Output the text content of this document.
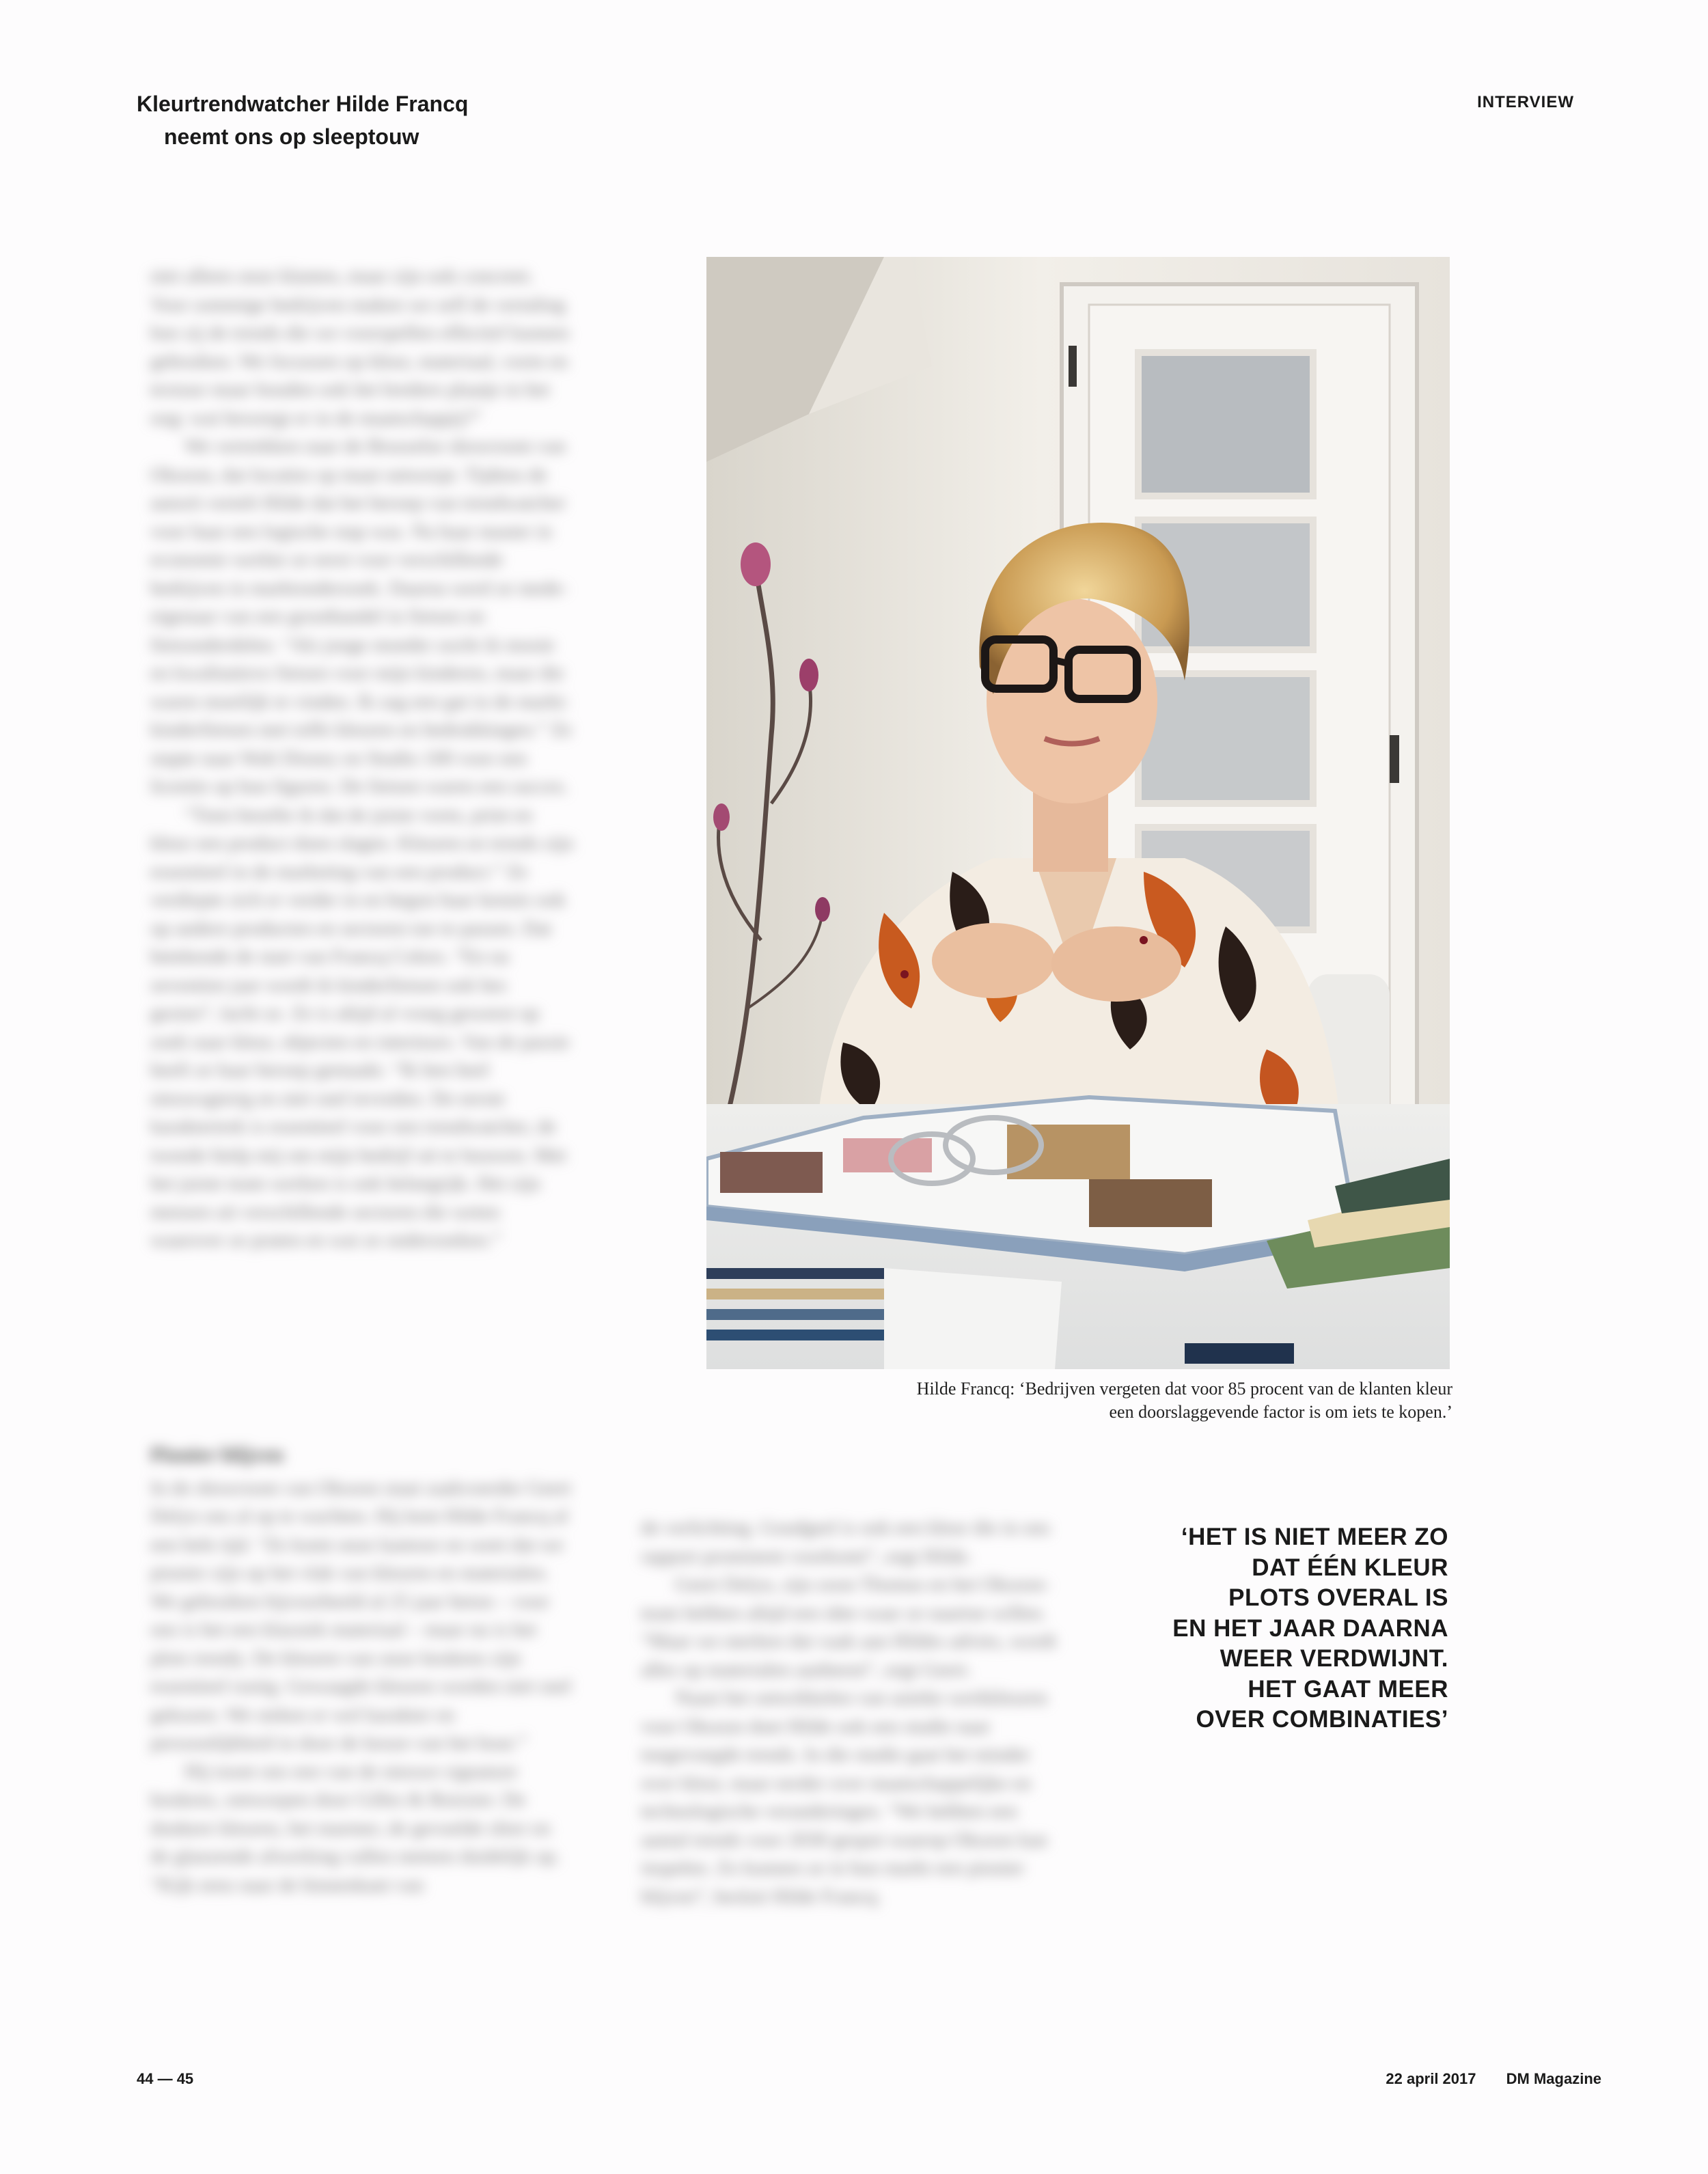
Kleurtrendwatcher Hilde Francq
neemt ons op sleeptouw
INTERVIEW

niet alleen onze klanten, maar zijn ook concreet. Voor sommige bedrijven maken we zelf de vertaling hoe zij de trends die we voorspellen effectief kunnen gebruiken. We focussen op kleur, materiaal, vorm en textuur maar houden ook het bredere plaatje in het oog: wat beweegt er in de maatschappij?”

We vertrekken naar de Brusselse showroom van Oksoon, dat locaties op maat ontwerpt. Tijdens de autorit vertelt Hilde dat het beroep van trendwatcher voor haar een logische stap was. Na haar master in economie werkte ze eerst voor verschillende bedrijven in marktonderzoek. Daarna werd ze mede-eigenaar van een groothandel in fietsen en fietsonderdelen. “Als jonge moeder zocht ik mooie en kwalitatieve fietsen voor mijn kinderen, maar die waren moeilijk te vinden. Ik zag een gat in de markt: kinderfietsen met toffe kleuren en bedrukkingen.” Ze stapte naar Walt Disney en Studio 100 voor een licentie op hun figuren. De fietsen waren een succes.

“Toen besefte ik dat de juiste vorm, print en kleur een product doen slagen. Kleuren en trends zijn essentieel in de marketing van een product.” Ze verdiepte zich er verder in en begon haar kennis ook op andere producten en sectoren toe te passen. Dat betekende de start van Francq Colors. “En na zeventien jaar wordt ik kinderfietsen ook bes gezien”, lacht ze. Ze is altijd al vroeg geweest op zoek naar kleur, objecten en interieurs. Van de passie heeft ze haar beroep gemaakt. “Ik ben heel nieuwsgierig en niet snel tevreden. De eerste karaktertrek is essentieel voor een trendwatcher, de tweede hielp mij om mijn bedrijf uit te bouwen. Met het juiste team werken is ook belangrijk. Het zijn mensen uit verschillende sectoren die weten waarover ze praten en wat ze onderzoeken.”

Pionier blijven

In de showroom van Oksoon staat zaakvoerder Geert Delyn ons al op te wachten. Hij kent Hilde Francq al een hele tijd. “Ze komt onze kantoor en weet dat we pionier zijn op het vlak van kleuren en materialen. We gebruiken bijvoorbeeld al 25 jaar beton – voor ons is het een klassiek materiaal – maar nu is het plots trendy. De kleuren van onze keukens zijn essentieel rustig. Gewaagde kleuren worden niet snel gekozen. We steken er wel karakter en persoonlijkheid in door de keuze van het hout.”

Hij toont ons een van de nieuwe signature keukens, ontworpen door Gilles & Boissier. De donkere kleuren, het marmer, de gevoelde sfeer en de glanzende afwerking vallen meteen duidelijk op. “Kijk eens naar de binnenkant van

de verlichting. Goudgeel is ook een kleur die in ons rapport prominent voorkomt”, zegt Hilde.

Geert Delyn, zijn zoon Thomas en het Oksoon-team hebben altijd een idee waar ze naartoe willen. “Maar we merken dat vaak aan Hildes advies, wordt alles op materialen aanbeent”, zegt Geert.

Naast het ontwikkelen van unieke werkkleuren voor Oksoon doet Hilde ook een studie naar toegevoegde trends. In die studie gaat het minder over kleur, maar eerder over maatschappelijke en technologische veranderingen. “We hebben een aantal trends voor 2030 gespot waarop Oksoon kan inspelen. Zo kunnen ze in hun markt een pionier blijven”, besluit Hilde Francq.

Hilde Francq: ‘Bedrijven vergeten dat voor 85 procent van de klanten kleur
een doorslaggevende factor is om iets te kopen.’
‘HET IS NIET MEER ZO
DAT ÉÉN KLEUR
PLOTS OVERAL IS
EN HET JAAR DAARNA
WEER VERDWIJNT.
HET GAAT MEER
OVER COMBINATIES’
44 — 45	22 april 2017 DM Magazine
